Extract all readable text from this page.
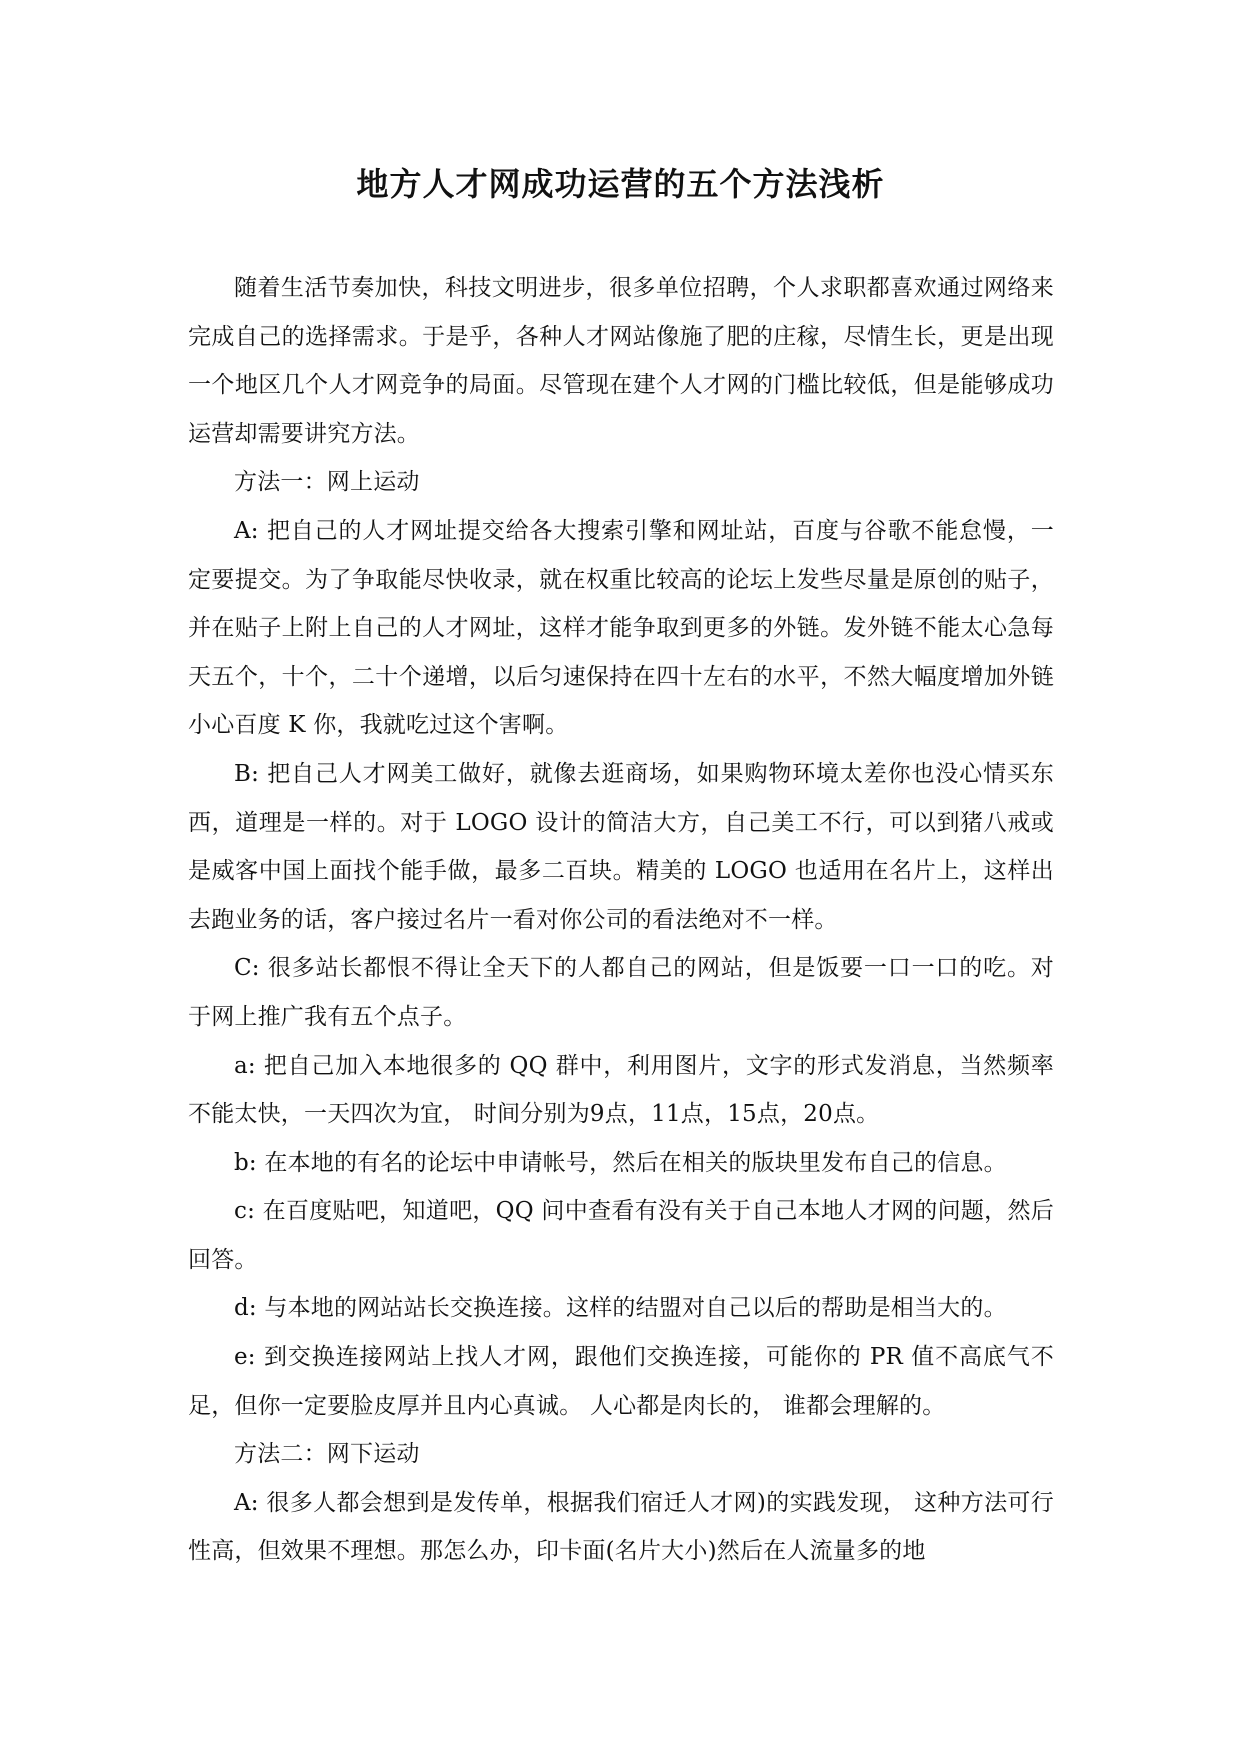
地方人才网成功运营的五个方法浅析

随着生活节奏加快，科技文明进步，很多单位招聘，个人求职都喜欢通过网络来完成自己的选择需求。于是乎，各种人才网站像施了肥的庄稼，尽情生长，更是出现一个地区几个人才网竞争的局面。尽管现在建个人才网的门槛比较低，但是能够成功运营却需要讲究方法。

方法一：网上运动

A: 把自己的人才网址提交给各大搜索引擎和网址站，百度与谷歌不能怠慢，一定要提交。为了争取能尽快收录，就在权重比较高的论坛上发些尽量是原创的贴子，并在贴子上附上自己的人才网址，这样才能争取到更多的外链。发外链不能太心急每天五个，十个，二十个递增，以后匀速保持在四十左右的水平，不然大幅度增加外链小心百度 K 你，我就吃过这个害啊。

B: 把自己人才网美工做好，就像去逛商场，如果购物环境太差你也没心情买东西，道理是一样的。对于 LOGO 设计的简洁大方，自己美工不行，可以到猪八戒或是威客中国上面找个能手做，最多二百块。精美的 LOGO 也适用在名片上，这样出去跑业务的话，客户接过名片一看对你公司的看法绝对不一样。

C: 很多站长都恨不得让全天下的人都自己的网站，但是饭要一口一口的吃。对于网上推广我有五个点子。

a: 把自己加入本地很多的 QQ 群中，利用图片，文字的形式发消息，当然频率不能太快，一天四次为宜， 时间分别为9点，11点，15点，20点。

b: 在本地的有名的论坛中申请帐号，然后在相关的版块里发布自己的信息。

c: 在百度贴吧，知道吧，QQ 问中查看有没有关于自己本地人才网的问题，然后回答。

d: 与本地的网站站长交换连接。这样的结盟对自己以后的帮助是相当大的。

e: 到交换连接网站上找人才网，跟他们交换连接，可能你的 PR 值不高底气不足，但你一定要脸皮厚并且内心真诚。 人心都是肉长的， 谁都会理解的。

方法二：网下运动

A: 很多人都会想到是发传单，根据我们宿迁人才网)的实践发现， 这种方法可行性高，但效果不理想。那怎么办，印卡面(名片大小)然后在人流量多的地
